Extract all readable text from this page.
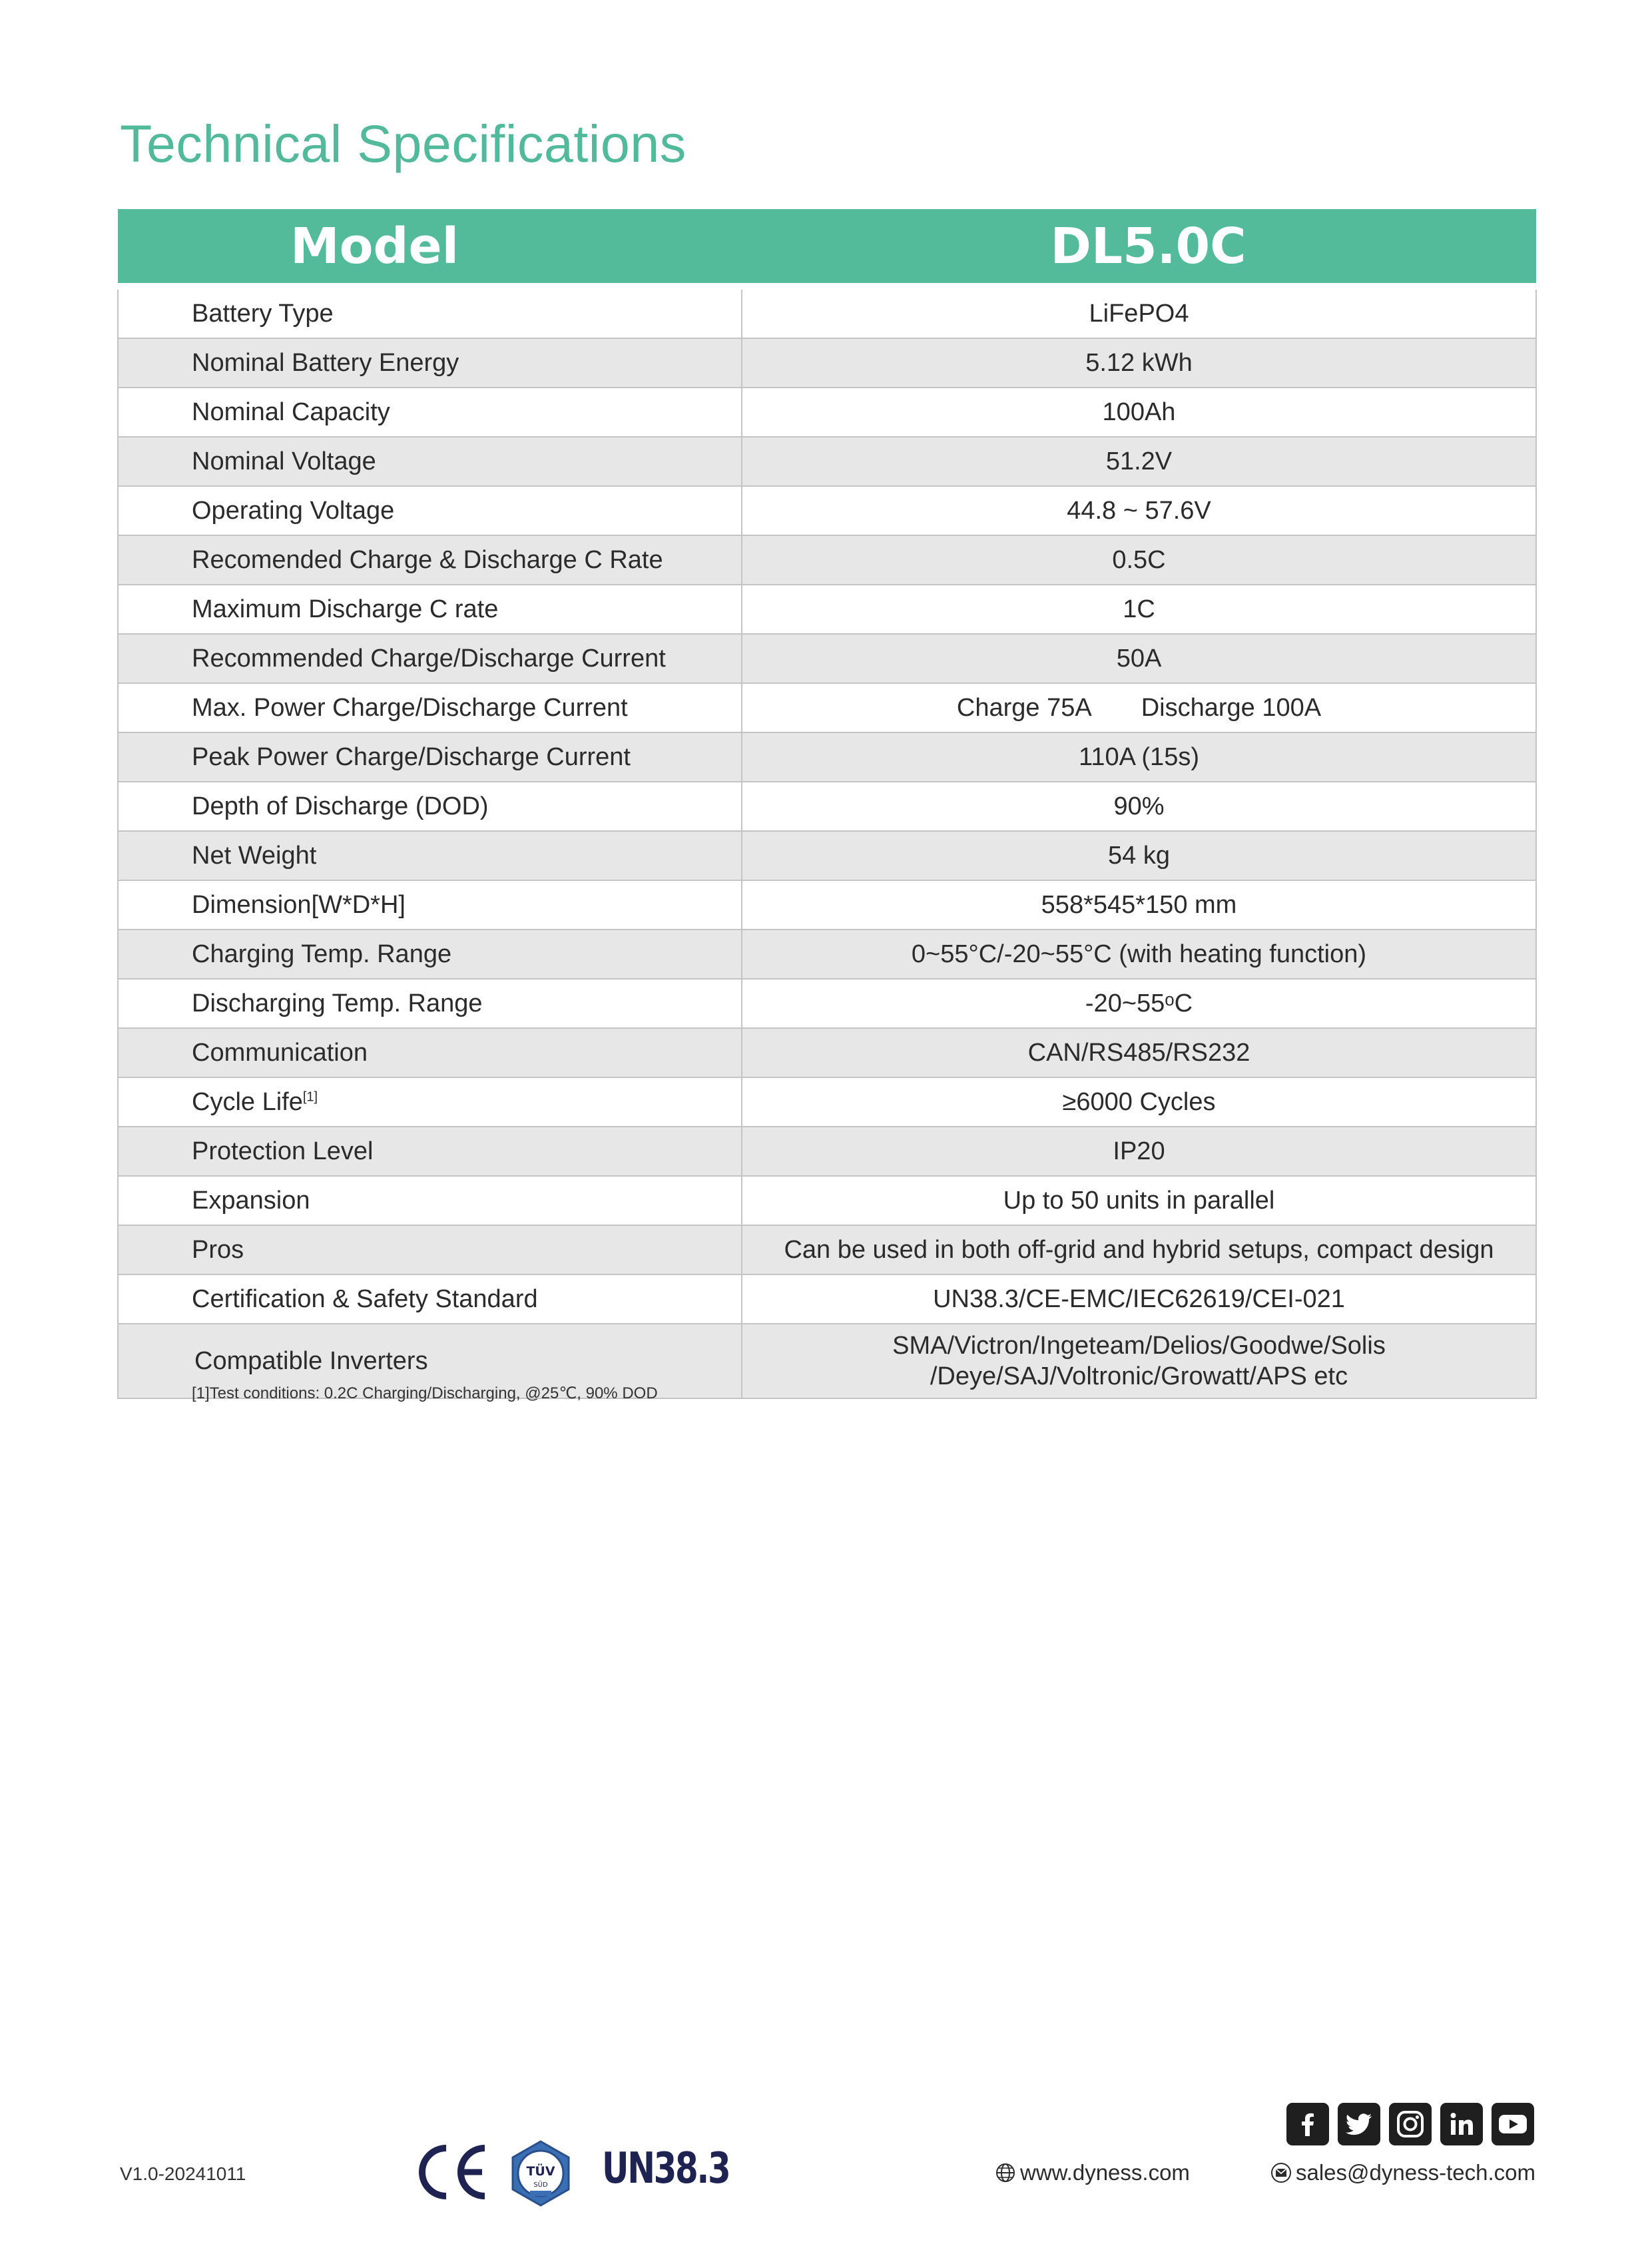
Technical Specifications
Model	DL5.0C
Battery Type	LiFePO4
Nominal Battery Energy	5.12 kWh
Nominal Capacity	100Ah
Nominal Voltage	51.2V
Operating Voltage	44.8 ~ 57.6V
Recomended Charge & Discharge C Rate	0.5C
Maximum Discharge C rate	1C
Recommended Charge/Discharge Current	50A
Max. Power Charge/Discharge Current	Charge 75A Discharge 100A
Peak Power Charge/Discharge Current	110A (15s)
Depth of Discharge (DOD)	90%
Net Weight	54 kg
Dimension[W*D*H]	558*545*150 mm
Charging Temp. Range	0~55°C/-20~55°C (with heating function)
Discharging Temp. Range	-20~55ᵒC
Communication	CAN/RS485/RS232
Cycle Life[1]	≥6000 Cycles
Protection Level	IP20
Expansion	Up to 50 units in parallel
Pros	Can be used in both off-grid and hybrid setups, compact design
Certification & Safety Standard	UN38.3/CE-EMC/IEC62619/CEI-021
Compatible Inverters	SMA/Victron/Ingeteam/Delios/Goodwe/Solis
/Deye/SAJ/Voltronic/Growatt/APS etc
[1]Test conditions: 0.2C Charging/Discharging, @25℃, 90% DOD
V1.0-20241011	TÜV
SÜD UN38.3	www.dyness.com	sales@dyness-tech.com
